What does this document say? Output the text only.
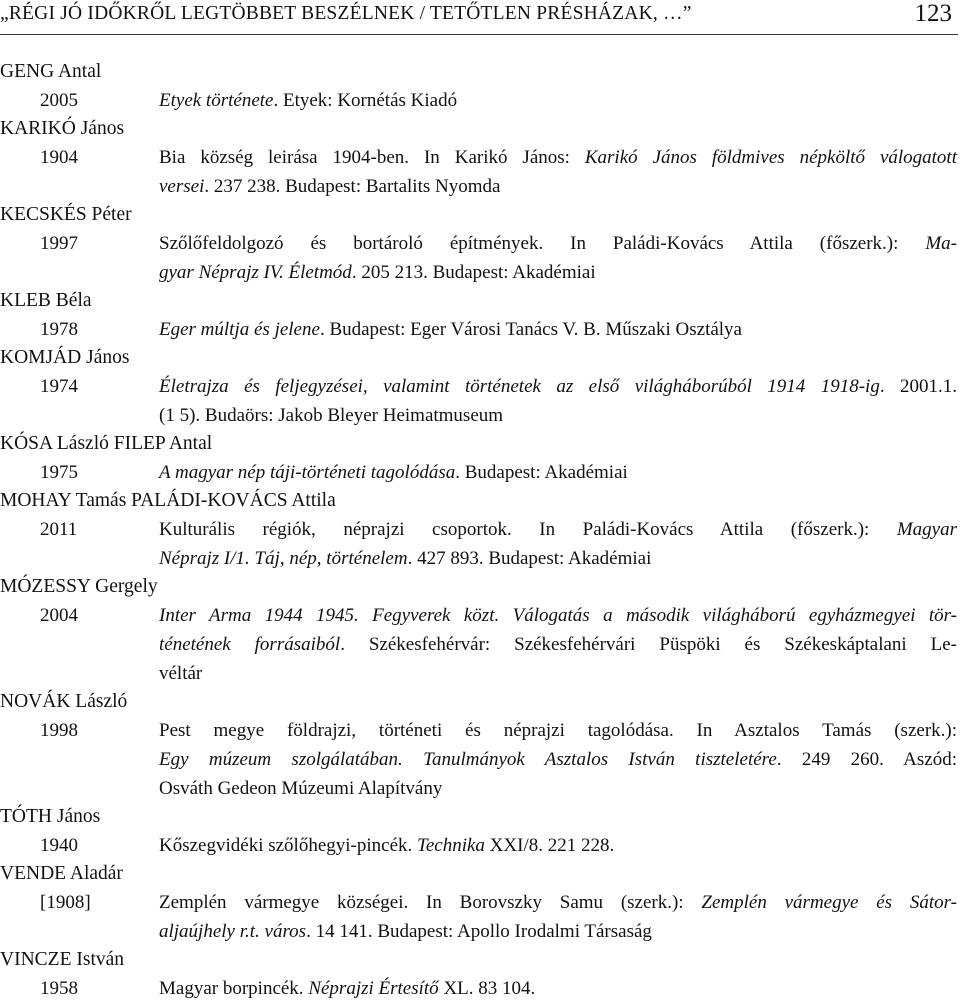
„RÉGI JÓ IDŐKRŐL LEGTÖBBET BESZÉLNEK / TETŐTLEN PRÉSHÁZAK, …”	123
GENG Antal
2005	Etyek története. Etyek: Kornétás Kiadó
KARIKÓ János
1904	Bia község leirása 1904-ben. In Karikó János: Karikó János földmives népköltő válogatott
versei. 237 238. Budapest: Bartalits Nyomda
KECSKÉS Péter
1997	Szőlőfeldolgozó és bortároló építmények. In Paládi-Kovács Attila (főszerk.): Ma-
gyar Néprajz IV. Életmód. 205 213. Budapest: Akadémiai
KLEB Béla
1978	Eger múltja és jelene. Budapest: Eger Városi Tanács V. B. Műszaki Osztálya
KOMJÁD János
1974	Életrajza és feljegyzései, valamint történetek az első világháborúból 1914 1918-ig. 2001.1.
(1 5). Budaörs: Jakob Bleyer Heimatmuseum
KÓSA László FILEP Antal
1975	A magyar nép táji-történeti tagolódása. Budapest: Akadémiai
MOHAY Tamás PALÁDI-KOVÁCS Attila
2011	Kulturális régiók, néprajzi csoportok. In Paládi-Kovács Attila (főszerk.): Magyar
Néprajz I/1. Táj, nép, történelem. 427 893. Budapest: Akadémiai
MÓZESSY Gergely
2004	Inter Arma 1944 1945. Fegyverek közt. Válogatás a második világháború egyházmegyei tör-
ténetének forrásaiból. Székesfehérvár: Székesfehérvári Püspöki és Székeskáptalani Le-
véltár
NOVÁK László
1998	Pest megye földrajzi, történeti és néprajzi tagolódása. In Asztalos Tamás (szerk.):
Egy múzeum szolgálatában. Tanulmányok Asztalos István tiszteletére. 249 260. Aszód:
Osváth Gedeon Múzeumi Alapítvány
TÓTH János
1940	Kőszegvidéki szőlőhegyi-pincék. Technika XXI/8. 221 228.
VENDE Aladár
[1908]	Zemplén vármegye községei. In Borovszky Samu (szerk.): Zemplén vármegye és Sátor-
aljaújhely r.t. város. 14 141. Budapest: Apollo Irodalmi Társaság
VINCZE István
1958	Magyar borpincék. Néprajzi Értesítő XL. 83 104.
